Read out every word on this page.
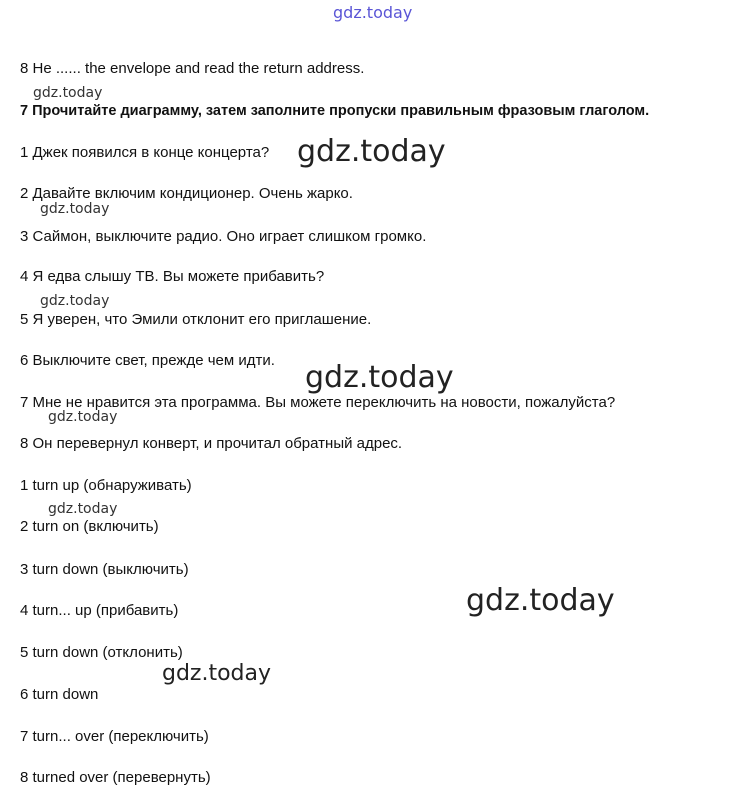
gdz.today
8 He ...... the envelope and read the return address.
gdz.today
7 Прочитайте диаграмму, затем заполните пропуски правильным фразовым глаголом.
1 Джек появился в конце концерта? gdz.today
2 Давайте включим кондиционер. Очень жарко.
gdz.today
3 Саймон, выключите радио. Оно играет слишком громко.
4 Я едва слышу ТВ. Вы можете прибавить?
gdz.today
5 Я уверен, что Эмили отклонит его приглашение.
6 Выключите свет, прежде чем идти. gdz.today
7 Мне не нравится эта программа. Вы можете переключить на новости, пожалуйста?
gdz.today
8 Он перевернул конверт, и прочитал обратный адрес.
1 turn up (обнаруживать)
gdz.today
2 turn on (включить)
3 turn down (выключить)
4 turn... up (прибавить)	gdz.today
5 turn down (отклонить)
gdz.today
6 turn down
7 turn... over (переключить)
8 turned over (перевернуть)
